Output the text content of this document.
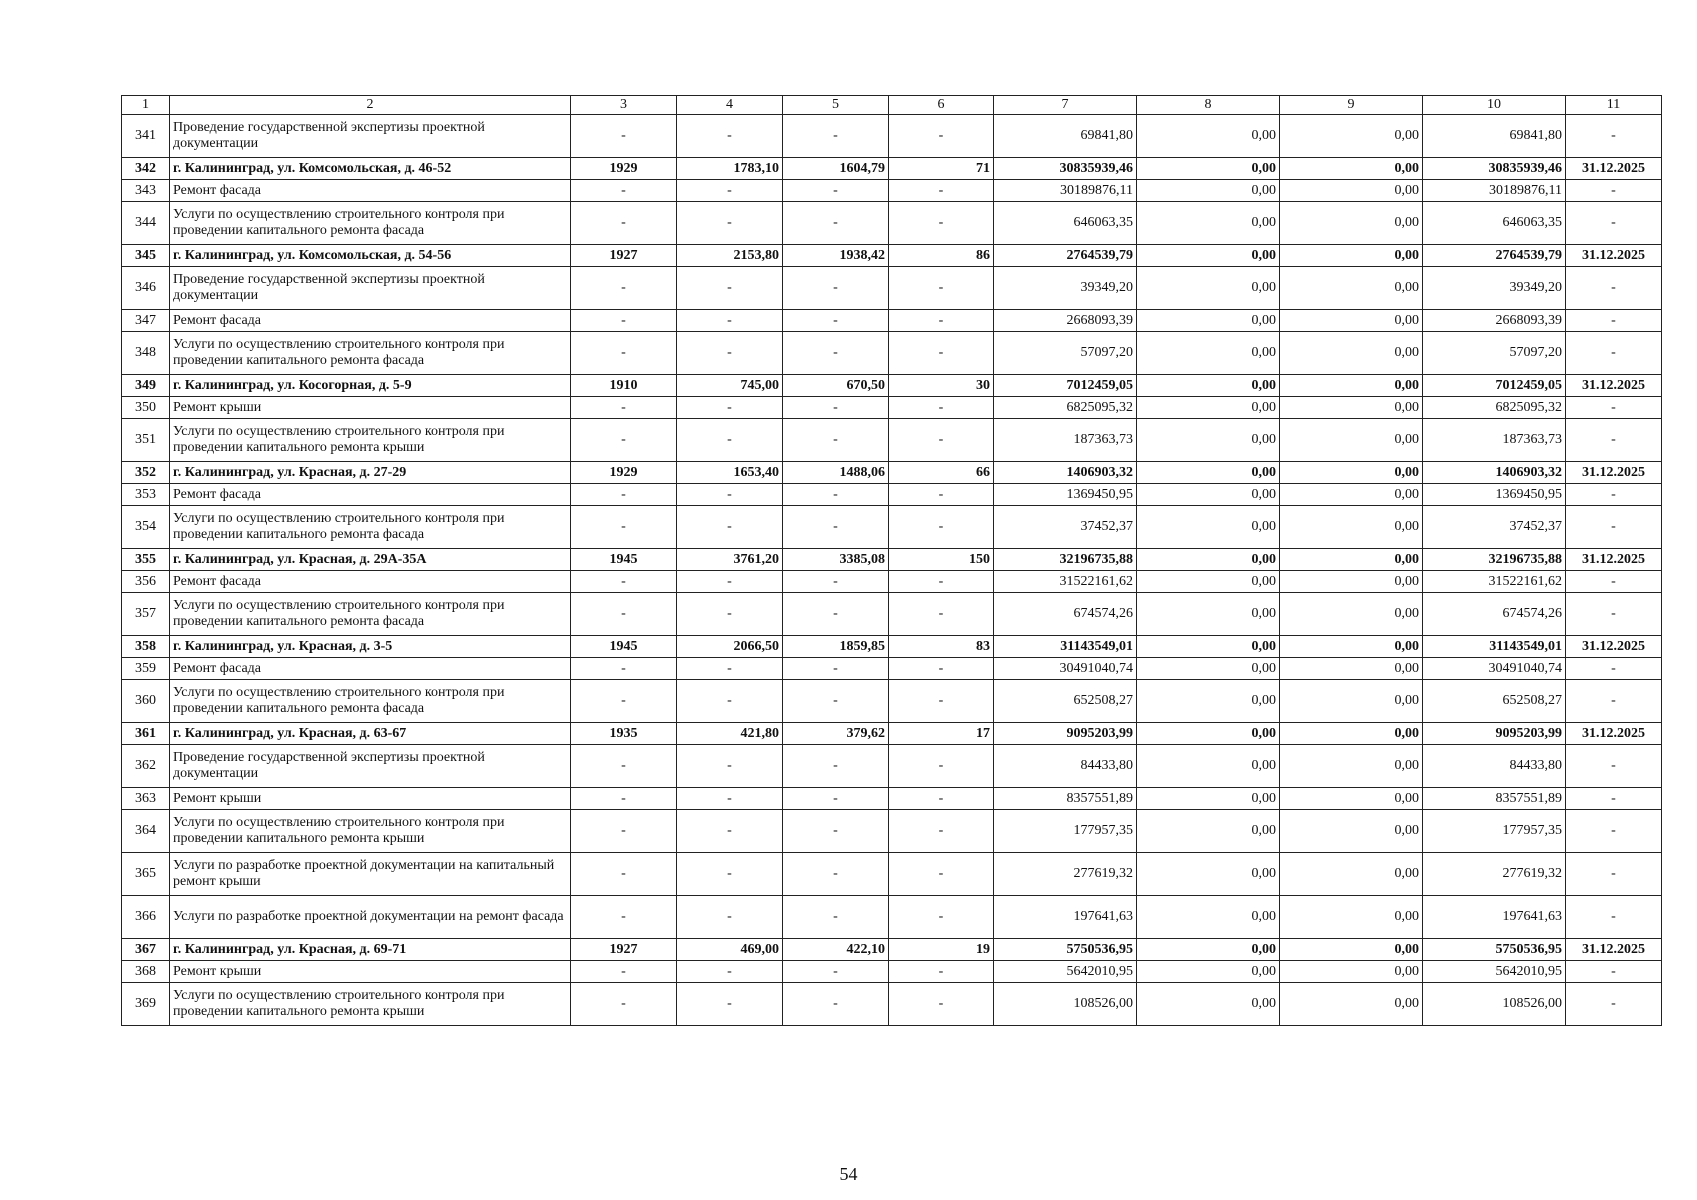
1	2	3	4	5	6	7	8	9	10	11
341	Проведение государственной экспертизы проектной документации	-	-	-	-	69841,80	0,00	0,00	69841,80	-
342	г. Калининград, ул. Комсомольская, д. 46-52	1929	1783,10	1604,79	71	30835939,46	0,00	0,00	30835939,46	31.12.2025
343	Ремонт фасада	-	-	-	-	30189876,11	0,00	0,00	30189876,11	-
344	Услуги по осуществлению строительного контроля при проведении капитального ремонта фасада	-	-	-	-	646063,35	0,00	0,00	646063,35	-
345	г. Калининград, ул. Комсомольская, д. 54-56	1927	2153,80	1938,42	86	2764539,79	0,00	0,00	2764539,79	31.12.2025
346	Проведение государственной экспертизы проектной документации	-	-	-	-	39349,20	0,00	0,00	39349,20	-
347	Ремонт фасада	-	-	-	-	2668093,39	0,00	0,00	2668093,39	-
348	Услуги по осуществлению строительного контроля при проведении капитального ремонта фасада	-	-	-	-	57097,20	0,00	0,00	57097,20	-
349	г. Калининград, ул. Косогорная, д. 5-9	1910	745,00	670,50	30	7012459,05	0,00	0,00	7012459,05	31.12.2025
350	Ремонт крыши	-	-	-	-	6825095,32	0,00	0,00	6825095,32	-
351	Услуги по осуществлению строительного контроля при проведении капитального ремонта крыши	-	-	-	-	187363,73	0,00	0,00	187363,73	-
352	г. Калининград, ул. Красная, д. 27-29	1929	1653,40	1488,06	66	1406903,32	0,00	0,00	1406903,32	31.12.2025
353	Ремонт фасада	-	-	-	-	1369450,95	0,00	0,00	1369450,95	-
354	Услуги по осуществлению строительного контроля при проведении капитального ремонта фасада	-	-	-	-	37452,37	0,00	0,00	37452,37	-
355	г. Калининград, ул. Красная, д. 29А-35А	1945	3761,20	3385,08	150	32196735,88	0,00	0,00	32196735,88	31.12.2025
356	Ремонт фасада	-	-	-	-	31522161,62	0,00	0,00	31522161,62	-
357	Услуги по осуществлению строительного контроля при проведении капитального ремонта фасада	-	-	-	-	674574,26	0,00	0,00	674574,26	-
358	г. Калининград, ул. Красная, д. 3-5	1945	2066,50	1859,85	83	31143549,01	0,00	0,00	31143549,01	31.12.2025
359	Ремонт фасада	-	-	-	-	30491040,74	0,00	0,00	30491040,74	-
360	Услуги по осуществлению строительного контроля при проведении капитального ремонта фасада	-	-	-	-	652508,27	0,00	0,00	652508,27	-
361	г. Калининград, ул. Красная, д. 63-67	1935	421,80	379,62	17	9095203,99	0,00	0,00	9095203,99	31.12.2025
362	Проведение государственной экспертизы проектной документации	-	-	-	-	84433,80	0,00	0,00	84433,80	-
363	Ремонт крыши	-	-	-	-	8357551,89	0,00	0,00	8357551,89	-
364	Услуги по осуществлению строительного контроля при проведении капитального ремонта крыши	-	-	-	-	177957,35	0,00	0,00	177957,35	-
365	Услуги по разработке проектной документации на капитальный ремонт крыши	-	-	-	-	277619,32	0,00	0,00	277619,32	-
366	Услуги по разработке проектной документации на ремонт фасада	-	-	-	-	197641,63	0,00	0,00	197641,63	-
367	г. Калининград, ул. Красная, д. 69-71	1927	469,00	422,10	19	5750536,95	0,00	0,00	5750536,95	31.12.2025
368	Ремонт крыши	-	-	-	-	5642010,95	0,00	0,00	5642010,95	-
369	Услуги по осуществлению строительного контроля при проведении капитального ремонта крыши	-	-	-	-	108526,00	0,00	0,00	108526,00	-
54
